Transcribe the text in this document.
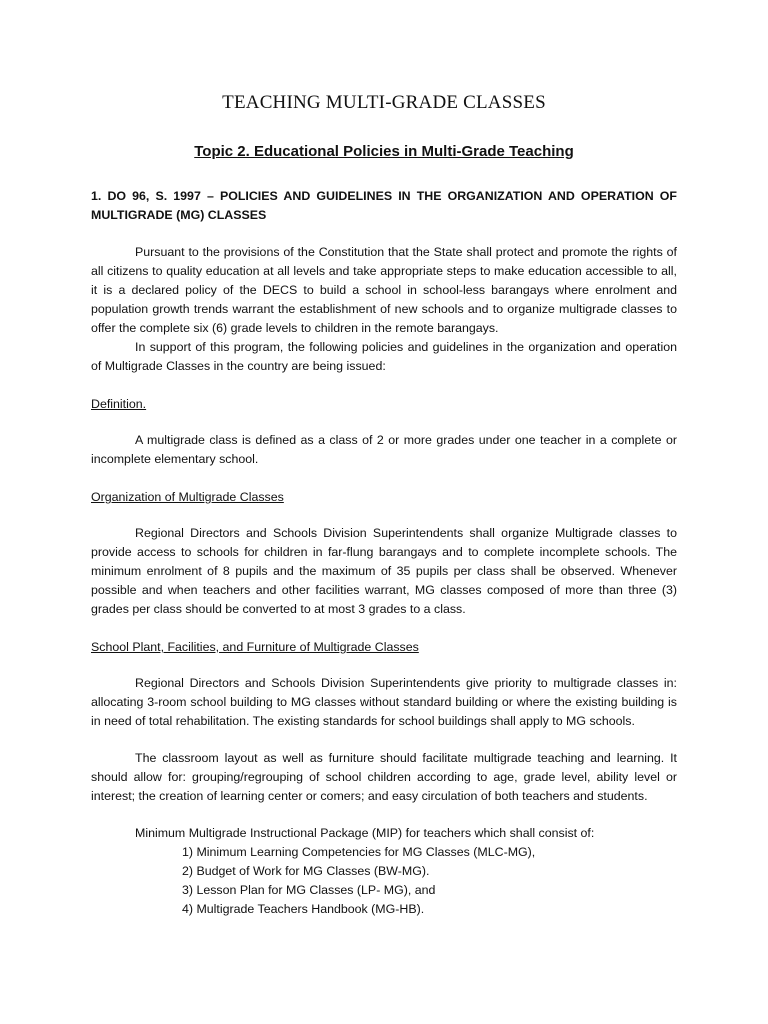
TEACHING MULTI-GRADE CLASSES
Topic 2. Educational Policies in Multi-Grade Teaching

1. DO 96, S. 1997 – POLICIES AND GUIDELINES IN THE ORGANIZATION AND OPERATION OF MULTIGRADE (MG) CLASSES

Pursuant to the provisions of the Constitution that the State shall protect and promote the rights of all citizens to quality education at all levels and take appropriate steps to make education accessible to all, it is a declared policy of the DECS to build a school in school-less barangays where enrolment and population growth trends warrant the establishment of new schools and to organize multigrade classes to offer the complete six (6) grade levels to children in the remote barangays.

In support of this program, the following policies and guidelines in the organization and operation of Multigrade Classes in the country are being issued:

Definition.

A multigrade class is defined as a class of 2 or more grades under one teacher in a complete or incomplete elementary school.

Organization of Multigrade Classes

Regional Directors and Schools Division Superintendents shall organize Multigrade classes to provide access to schools for children in far-flung barangays and to complete incomplete schools. The minimum enrolment of 8 pupils and the maximum of 35 pupils per class shall be observed. Whenever possible and when teachers and other facilities warrant, MG classes composed of more than three (3) grades per class should be converted to at most 3 grades to a class.

School Plant, Facilities, and Furniture of Multigrade Classes

Regional Directors and Schools Division Superintendents give priority to multigrade classes in: allocating 3-room school building to MG classes without standard building or where the existing building is in need of total rehabilitation. The existing standards for school buildings shall apply to MG schools.

The classroom layout as well as furniture should facilitate multigrade teaching and learning. It should allow for: grouping/regrouping of school children according to age, grade level, ability level or interest; the creation of learning center or comers; and easy circulation of both teachers and students.

Minimum Multigrade Instructional Package (MIP) for teachers which shall consist of:

1) Minimum Learning Competencies for MG Classes (MLC-MG),
2) Budget of Work for MG Classes (BW-MG).
3) Lesson Plan for MG Classes (LP- MG), and
4) Multigrade Teachers Handbook (MG-HB).
